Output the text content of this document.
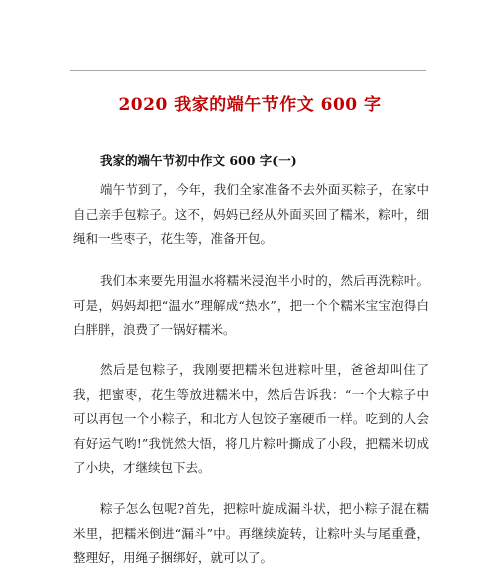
2020 我家的端午节作文 600 字
我家的端午节初中作文 600 字(一)

端午节到了，今年，我们全家准备不去外面买粽子，在家中自己亲手包粽子。这不，妈妈已经从外面买回了糯米，粽叶，细绳和一些枣子，花生等，准备开包。

我们本来要先用温水将糯米浸泡半小时的，然后再洗粽叶。可是，妈妈却把“温水”理解成“热水”，把一个个糯米宝宝泡得白白胖胖，浪费了一锅好糯米。

然后是包粽子，我刚要把糯米包进粽叶里，爸爸却叫住了我，把蜜枣，花生等放进糯米中，然后告诉我：“一个大粽子中可以再包一个小粽子，和北方人包饺子塞硬币一样。吃到的人会有好运气哟!”我恍然大悟，将几片粽叶撕成了小段，把糯米切成了小块，才继续包下去。

粽子怎么包呢?首先，把粽叶旋成漏斗状，把小粽子混在糯米里，把糯米倒进“漏斗”中。再继续旋转，让粽叶头与尾重叠，整理好，用绳子捆绑好，就可以了。
